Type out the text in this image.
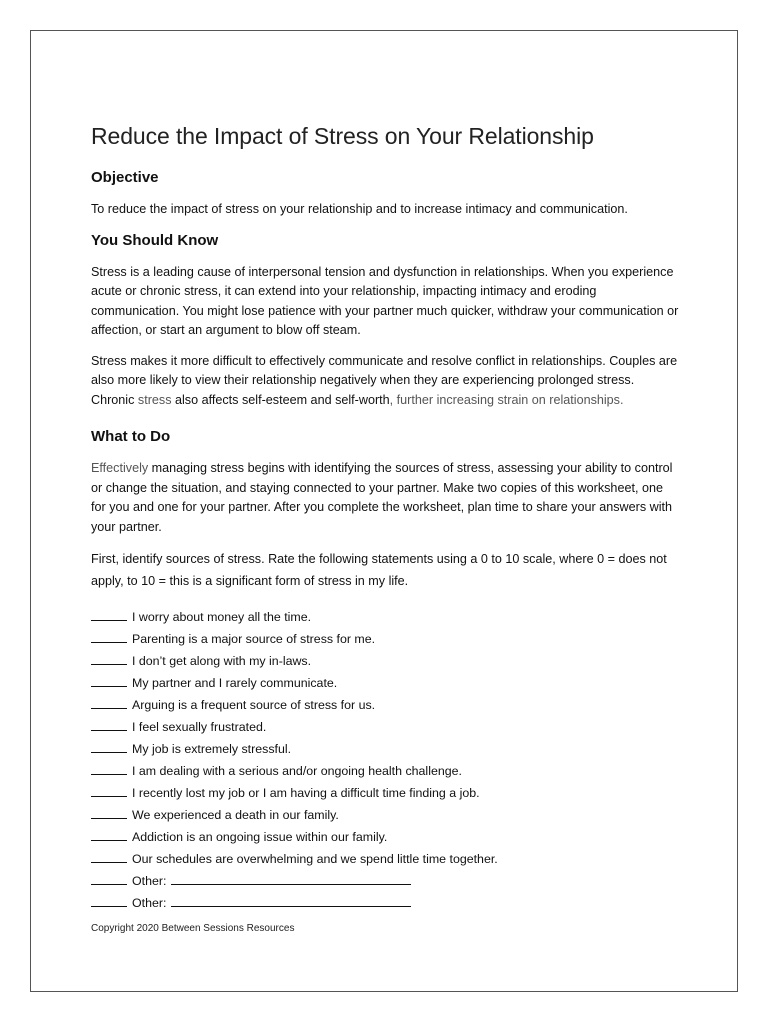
Reduce the Impact of Stress on Your Relationship
Objective

To reduce the impact of stress on your relationship and to increase intimacy and communication.

You Should Know

Stress is a leading cause of interpersonal tension and dysfunction in relationships. When you experience acute or chronic stress, it can extend into your relationship, impacting intimacy and eroding communication. You might lose patience with your partner much quicker, withdraw your communication or affection, or start an argument to blow off steam.

Stress makes it more difficult to effectively communicate and resolve conflict in relationships. Couples are also more likely to view their relationship negatively when they are experiencing prolonged stress. Chronic stress also affects self-esteem and self-worth, further increasing strain on relationships.

What to Do

Effectively managing stress begins with identifying the sources of stress, assessing your ability to control or change the situation, and staying connected to your partner. Make two copies of this worksheet, one for you and one for your partner. After you complete the worksheet, plan time to share your answers with your partner.

First, identify sources of stress. Rate the following statements using a 0 to 10 scale, where 0 = does not apply, to 10 = this is a significant form of stress in my life.

I worry about money all the time.
Parenting is a major source of stress for me.
I don’t get along with my in-laws.
My partner and I rarely communicate.
Arguing is a frequent source of stress for us.
I feel sexually frustrated.
My job is extremely stressful.
I am dealing with a serious and/or ongoing health challenge.
I recently lost my job or I am having a difficult time finding a job.
We experienced a death in our family.
Addiction is an ongoing issue within our family.
Our schedules are overwhelming and we spend little time together.
Other:
Other:
Copyright 2020 Between Sessions Resources
